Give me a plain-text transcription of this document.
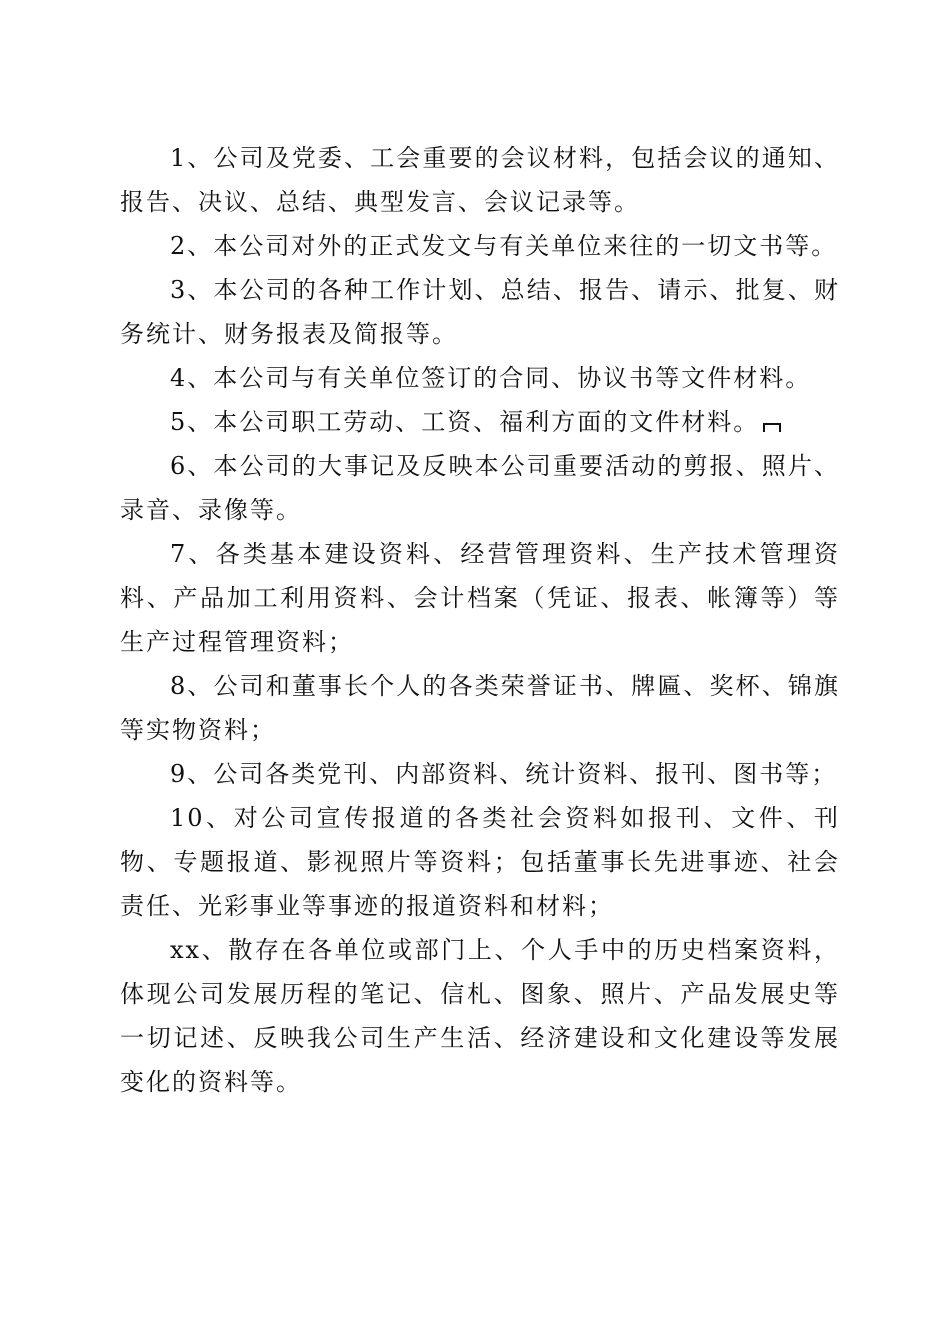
1、公司及党委、工会重要的会议材料，包括会议的通知、报告、决议、总结、典型发言、会议记录等。

2、本公司对外的正式发文与有关单位来往的一切文书等。

3、本公司的各种工作计划、总结、报告、请示、批复、财务统计、财务报表及简报等。

4、本公司与有关单位签订的合同、协议书等文件材料。

5、本公司职工劳动、工资、福利方面的文件材料。

6、本公司的大事记及反映本公司重要活动的剪报、照片、录音、录像等。

7、各类基本建设资料、经营管理资料、生产技术管理资料、产品加工利用资料、会计档案（凭证、报表、帐簿等）等生产过程管理资料；

8、公司和董事长个人的各类荣誉证书、牌匾、奖杯、锦旗等实物资料；

9、公司各类党刊、内部资料、统计资料、报刊、图书等；

10、对公司宣传报道的各类社会资料如报刊、文件、刊物、专题报道、影视照片等资料；包括董事长先进事迹、社会责任、光彩事业等事迹的报道资料和材料；

xx、散存在各单位或部门上、个人手中的历史档案资料，体现公司发展历程的笔记、信札、图象、照片、产品发展史等一切记述、反映我公司生产生活、经济建设和文化建设等发展变化的资料等。
